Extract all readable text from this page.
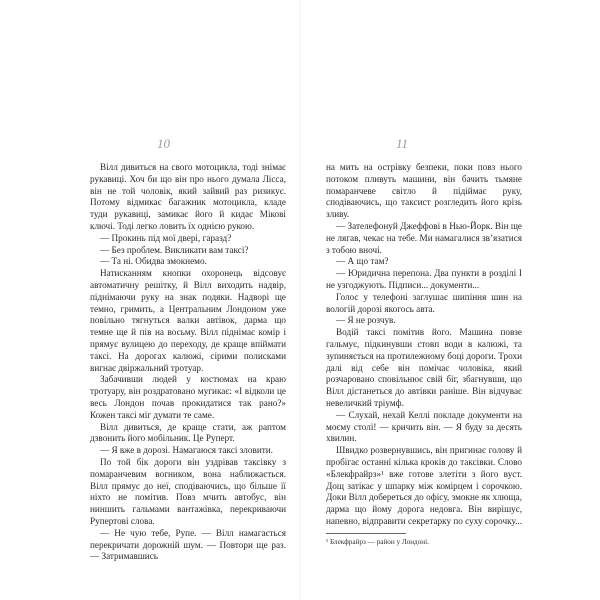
10

Вілл дивиться на свого мотоцикла, тоді знімає рукавиці. Хоч би що він про нього думала Лісса, він не той чоловік, який зайвий раз ризикує. Потому відмикає багажник мотоцикла, кладе туди рукавиці, замикає його й кидає Мікові ключі. Тоді легко ловить їх однією рукою.

— Прокинь під мої двері, гаразд?

— Без проблем. Викликати вам таксі?

— Та ні. Обидва змокнемо.

Натисканням кнопки охоронець відсовує автоматичну решітку, й Вілл виходить надвір, піднімаючи руку на знак подяки. Надворі ще темно, гримить, а Центральним Лондоном уже повільно тягнуться валки автівок, дарма що темне ще й пів на восьму. Вілл піднімає комір і прямує вулицею до переходу, де краще впіймати таксі. На дорогах калюжі, сірими полисками вигнає двіржальний тротуар.

Забачивши людей у костюмах на краю тротуару, він роздратовано мугикає: «І відколи це весь Лондон почав прокидатися так рано?» Кожен таксі міг думати те саме.

Вілл дивиться, де краще стати, аж раптом дзвонить його мобільник. Це Руперт.

— Я вже в дорозі. Намагаюся таксі зловити.

По той бік дороги він уздрівав таксівку з помаранчевим вогником, вона наближається. Вілл прямує до неї, сподіваючись, що більше її ніхто не помітив. Повз мчить автобус, він ниншить гальмами вантажівка, перекриваючи Рупертові слова.

— Не чую тебе, Рупе. — Вілл намагається перекричати дорожній шум. — Повтори ще раз. — Затримавшись

11

на мить на острівку безпеки, поки повз нього потоком пливуть машини, він бачить тьмяне помаранчеве світло й підіймає руку, сподіваючись, що таксист розгледить його крізь зливу.

— Зателефонуй Джеффові в Нью-Йорк. Він ще не лягав, чекає на тебе. Ми намагалися зв’язатися з тобою вночі.

— А що там?

— Юридична перепона. Два пункти в розділі І не узгоджують. Підписи... документи...

Голос у телефоні заглушає шипіння шин на вологій дорозі якогось авта.

— Я не розчув.

Водій таксі помітив його. Машина повзе гальмує, підкинувши стовп води в калюжі, та зупиняється на протилежному боці дороги. Трохи далі від себе він помічає чоловіка, який розчаровано сповільнює свій біг, збагнувши, що Вілл дістанеться до автівки раніше. Він відчуває невеличкий тріумф.

— Слухай, нехай Келлі покладе документи на моєму столі! — кричить він. — Я буду за десять хвилин.

Швидко розвернувшись, він пригинає голову й пробігає останні кілька кроків до таксівки. Слово «Блекфрайрз»¹ вже готове злетіти з його вуст. Дощ затікає у шпарку між комірцем і сорочкою. Доки Вілл добереться до офісу, змокне як хлюща, дарма що йому дорога недовга. Він вирішує, напевно, відправити секретарку по суху сорочку...

¹ Блекфрайрз — район у Лондоні.
